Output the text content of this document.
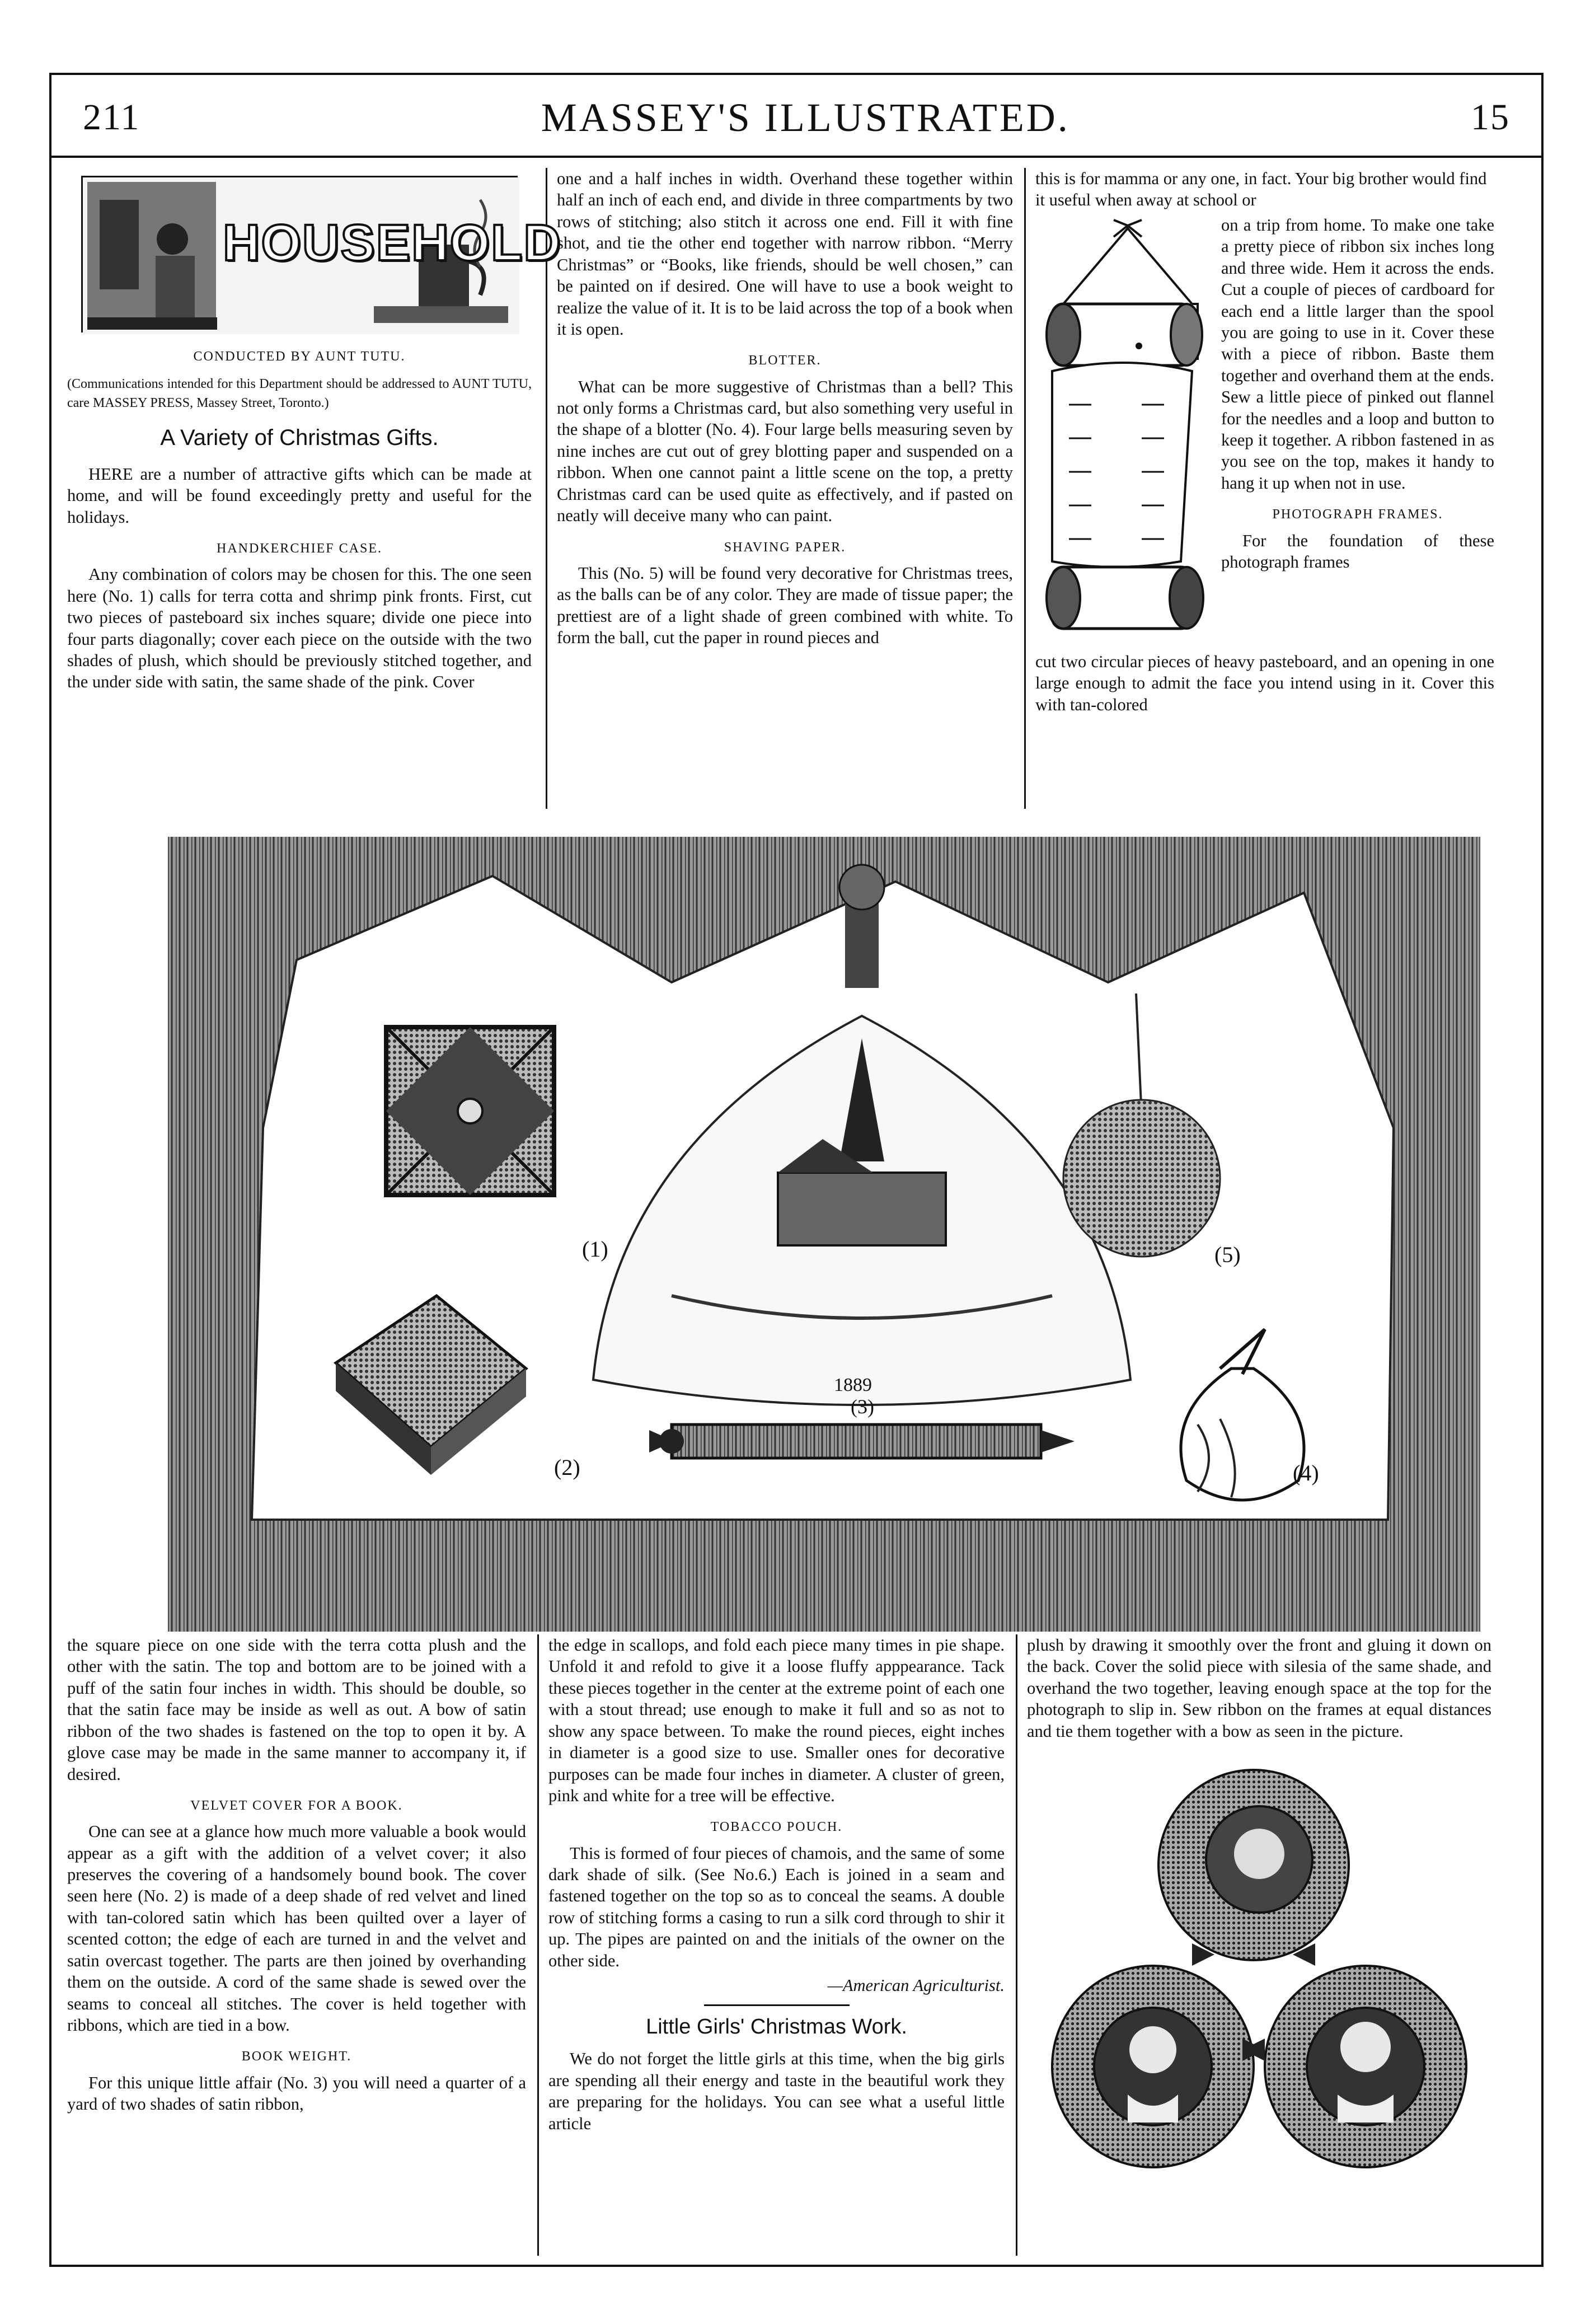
211	MASSEY'S ILLUSTRATED.	15
HOUSEHOLD
CONDUCTED BY AUNT TUTU.

(Communications intended for this Department should be addressed to AUNT TUTU, care MASSEY PRESS, Massey Street, Toronto.)

A Variety of Christmas Gifts.

HERE are a number of attractive gifts which can be made at home, and will be found exceedingly pretty and useful for the holidays.

HANDKERCHIEF CASE.

Any combination of colors may be chosen for this. The one seen here (No. 1) calls for terra cotta and shrimp pink fronts. First, cut two pieces of pasteboard six inches square; divide one piece into four parts diagonally; cover each piece on the outside with the two shades of plush, which should be previously stitched together, and the under side with satin, the same shade of the pink. Cover

one and a half inches in width. Overhand these together within half an inch of each end, and divide in three compartments by two rows of stitching; also stitch it across one end. Fill it with fine shot, and tie the other end together with narrow ribbon. “Merry Christmas” or “Books, like friends, should be well chosen,” can be painted on if desired. One will have to use a book weight to realize the value of it. It is to be laid across the top of a book when it is open.

BLOTTER.

What can be more suggestive of Christmas than a bell? This not only forms a Christmas card, but also something very useful in the shape of a blotter (No. 4). Four large bells measuring seven by nine inches are cut out of grey blotting paper and suspended on a ribbon. When one cannot paint a little scene on the top, a pretty Christmas card can be used quite as effectively, and if pasted on neatly will deceive many who can paint.

SHAVING PAPER.

This (No. 5) will be found very decorative for Christmas trees, as the balls can be of any color. They are made of tissue paper; the prettiest are of a light shade of green combined with white. To form the ball, cut the paper in round pieces and

this is for mamma or any one, in fact. Your big brother would find it useful when away at school or

on a trip from home. To make one take a pretty piece of ribbon six inches long and three wide. Hem it across the ends. Cut a couple of pieces of cardboard for each end a little larger than the spool you are going to use in it. Cover these with a piece of ribbon. Baste them together and overhand them at the ends. Sew a little piece of pinked out flannel for the needles and a loop and button to keep it together. A ribbon fastened in as you see on the top, makes it handy to hang it up when not in use.

PHOTOGRAPH FRAMES.

For the foundation of these photograph frames

cut two circular pieces of heavy pasteboard, and an opening in one large enough to admit the face you intend using in it. Cover this with tan-colored

(1)
(2)
(3)
(4)
(5)
1889

the square piece on one side with the terra cotta plush and the other with the satin. The top and bottom are to be joined with a puff of the satin four inches in width. This should be double, so that the satin face may be inside as well as out. A bow of satin ribbon of the two shades is fastened on the top to open it by. A glove case may be made in the same manner to accompany it, if desired.

VELVET COVER FOR A BOOK.

One can see at a glance how much more valuable a book would appear as a gift with the addition of a velvet cover; it also preserves the covering of a handsomely bound book. The cover seen here (No. 2) is made of a deep shade of red velvet and lined with tan-colored satin which has been quilted over a layer of scented cotton; the edge of each are turned in and the velvet and satin overcast together. The parts are then joined by overhanding them on the outside. A cord of the same shade is sewed over the seams to conceal all stitches. The cover is held together with ribbons, which are tied in a bow.

BOOK WEIGHT.

For this unique little affair (No. 3) you will need a quarter of a yard of two shades of satin ribbon,

the edge in scallops, and fold each piece many times in pie shape. Unfold it and refold to give it a loose fluffy apppearance. Tack these pieces together in the center at the extreme point of each one with a stout thread; use enough to make it full and so as not to show any space between. To make the round pieces, eight inches in diameter is a good size to use. Smaller ones for decorative purposes can be made four inches in diameter. A cluster of green, pink and white for a tree will be effective.

TOBACCO POUCH.

This is formed of four pieces of chamois, and the same of some dark shade of silk. (See No.6.) Each is joined in a seam and fastened together on the top so as to conceal the seams. A double row of stitching forms a casing to run a silk cord through to shir it up. The pipes are painted on and the initials of the owner on the other side.

—American Agriculturist.

Little Girls' Christmas Work.

We do not forget the little girls at this time, when the big girls are spending all their energy and taste in the beautiful work they are preparing for the holidays. You can see what a useful little article

plush by drawing it smoothly over the front and gluing it down on the back. Cover the solid piece with silesia of the same shade, and overhand the two together, leaving enough space at the top for the photograph to slip in. Sew ribbon on the frames at equal distances and tie them together with a bow as seen in the picture.
